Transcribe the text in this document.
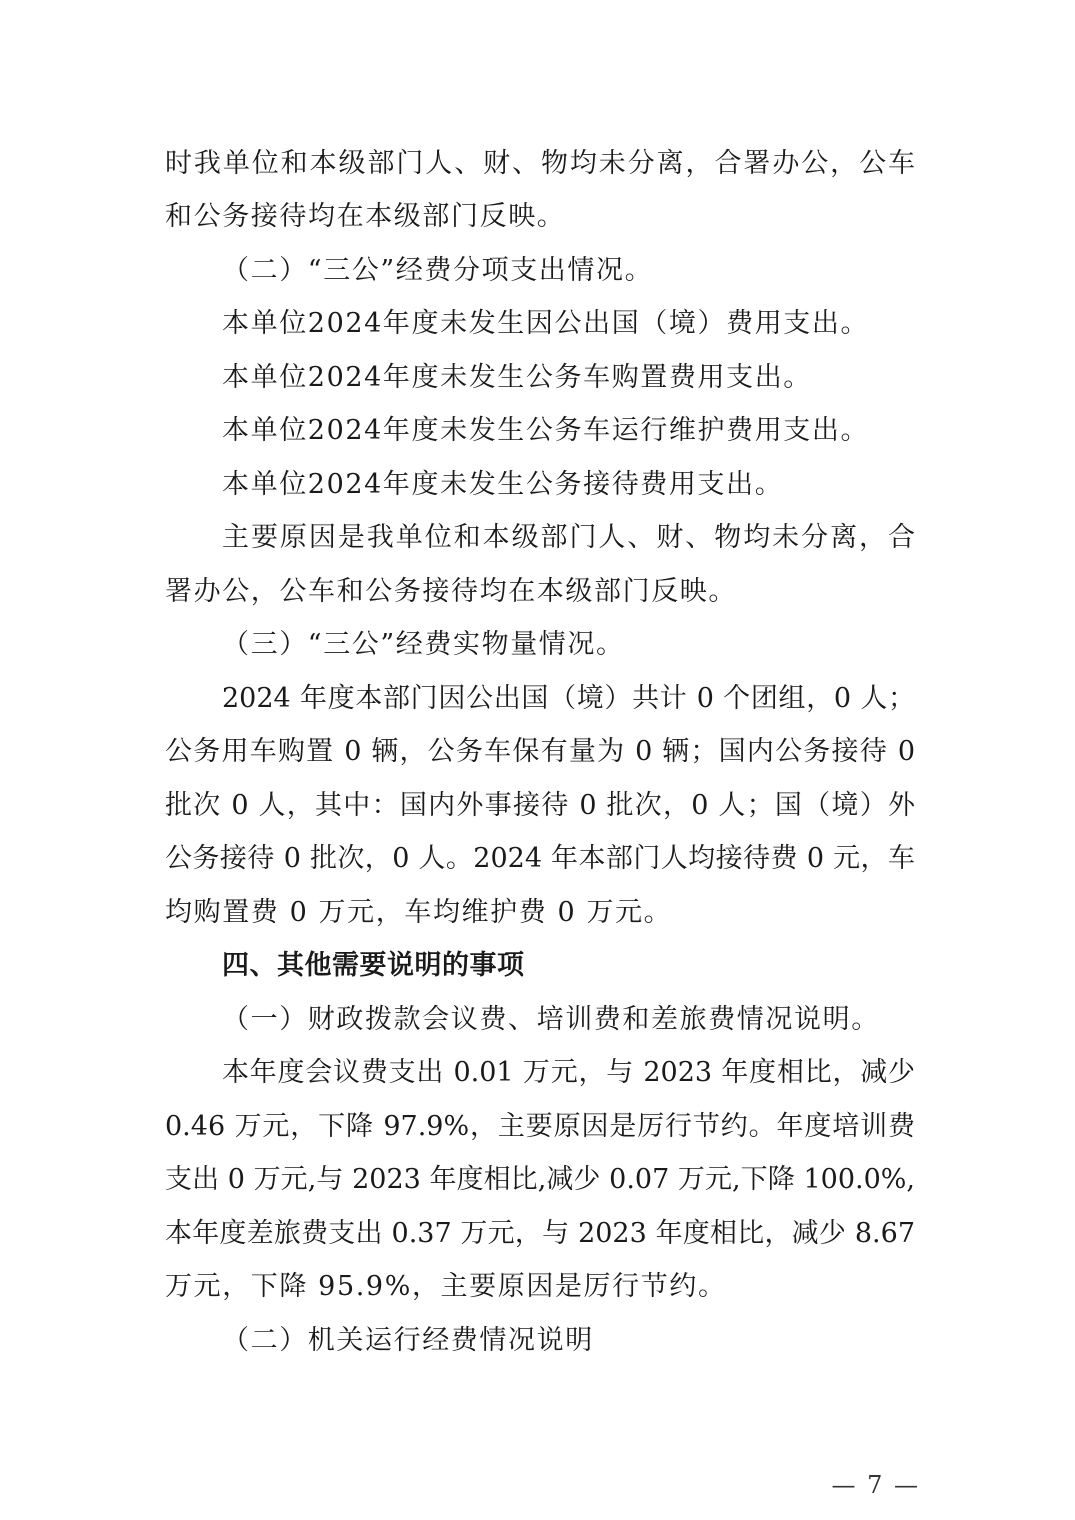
时我单位和本级部门人、财、物均未分离，合署办公，公车
和公务接待均在本级部门反映。
（二）“三公”经费分项支出情况。
本单位2024年度未发生因公出国（境）费用支出。
本单位2024年度未发生公务车购置费用支出。
本单位2024年度未发生公务车运行维护费用支出。
本单位2024年度未发生公务接待费用支出。
主要原因是我单位和本级部门人、财、物均未分离，合
署办公，公车和公务接待均在本级部门反映。
（三）“三公”经费实物量情况。
2024 年度本部门因公出国（境）共计 0 个团组，0 人；
公务用车购置 0 辆，公务车保有量为 0 辆；国内公务接待 0
批次 0 人，其中：国内外事接待 0 批次，0 人；国（境）外
公务接待 0 批次，0 人。2024 年本部门人均接待费 0 元，车
均购置费 0 万元，车均维护费 0 万元。
四、其他需要说明的事项
（一）财政拨款会议费、培训费和差旅费情况说明。
本年度会议费支出 0.01 万元，与 2023 年度相比，减少
0.46 万元，下降 97.9%，主要原因是厉行节约。年度培训费
支出 0 万元,与 2023 年度相比,减少 0.07 万元,下降 100.0%,
本年度差旅费支出 0.37 万元，与 2023 年度相比，减少 8.67
万元，下降 95.9%，主要原因是厉行节约。
（二）机关运行经费情况说明
— 7 —
